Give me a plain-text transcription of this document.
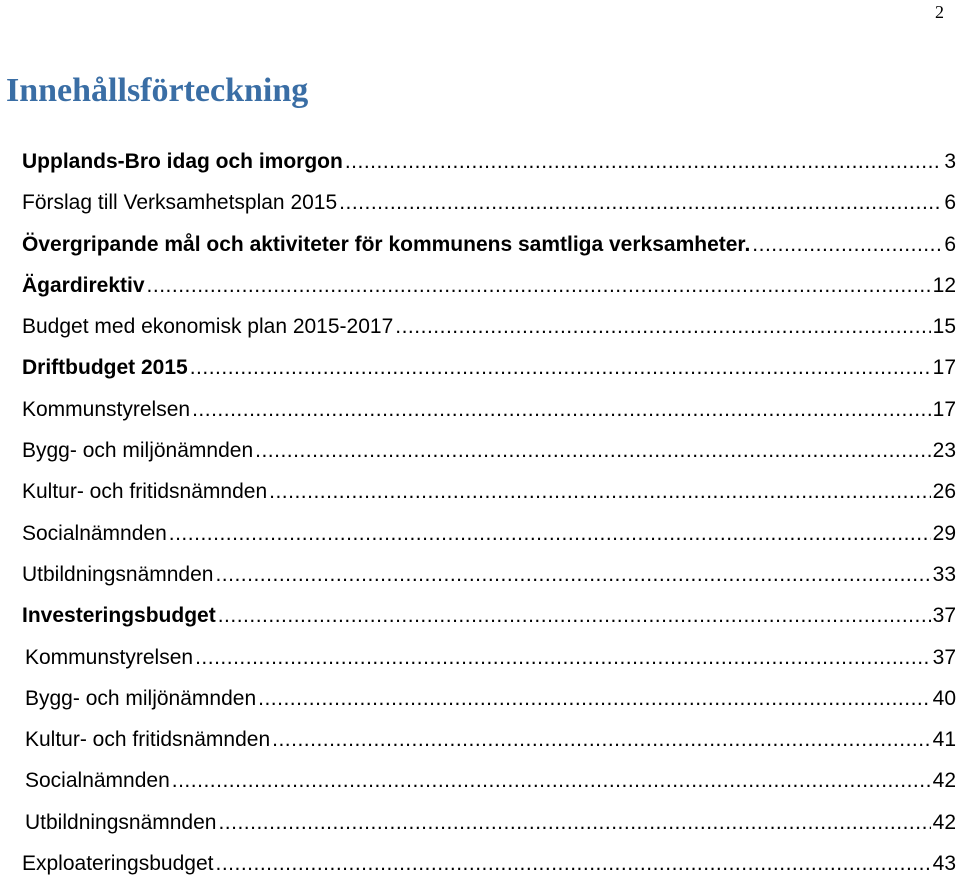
2
Innehållsförteckning
Upplands-Bro idag och imorgon .....	3
Förslag till Verksamhetsplan 2015 .....	6
Övergripande mål och aktiviteter för kommunens samtliga verksamheter. .....	6
Ägardirektiv .....	12
Budget med ekonomisk plan 2015-2017 .....	15
Driftbudget 2015 .....	17
Kommunstyrelsen .....	17
Bygg- och miljönämnden .....	23
Kultur- och fritidsnämnden .....	26
Socialnämnden .....	29
Utbildningsnämnden .....	33
Investeringsbudget .....	37
Kommunstyrelsen .....	37
Bygg- och miljönämnden .....	40
Kultur- och fritidsnämnden .....	41
Socialnämnden .....	42
Utbildningsnämnden .....	42
Exploateringsbudget .....	43
